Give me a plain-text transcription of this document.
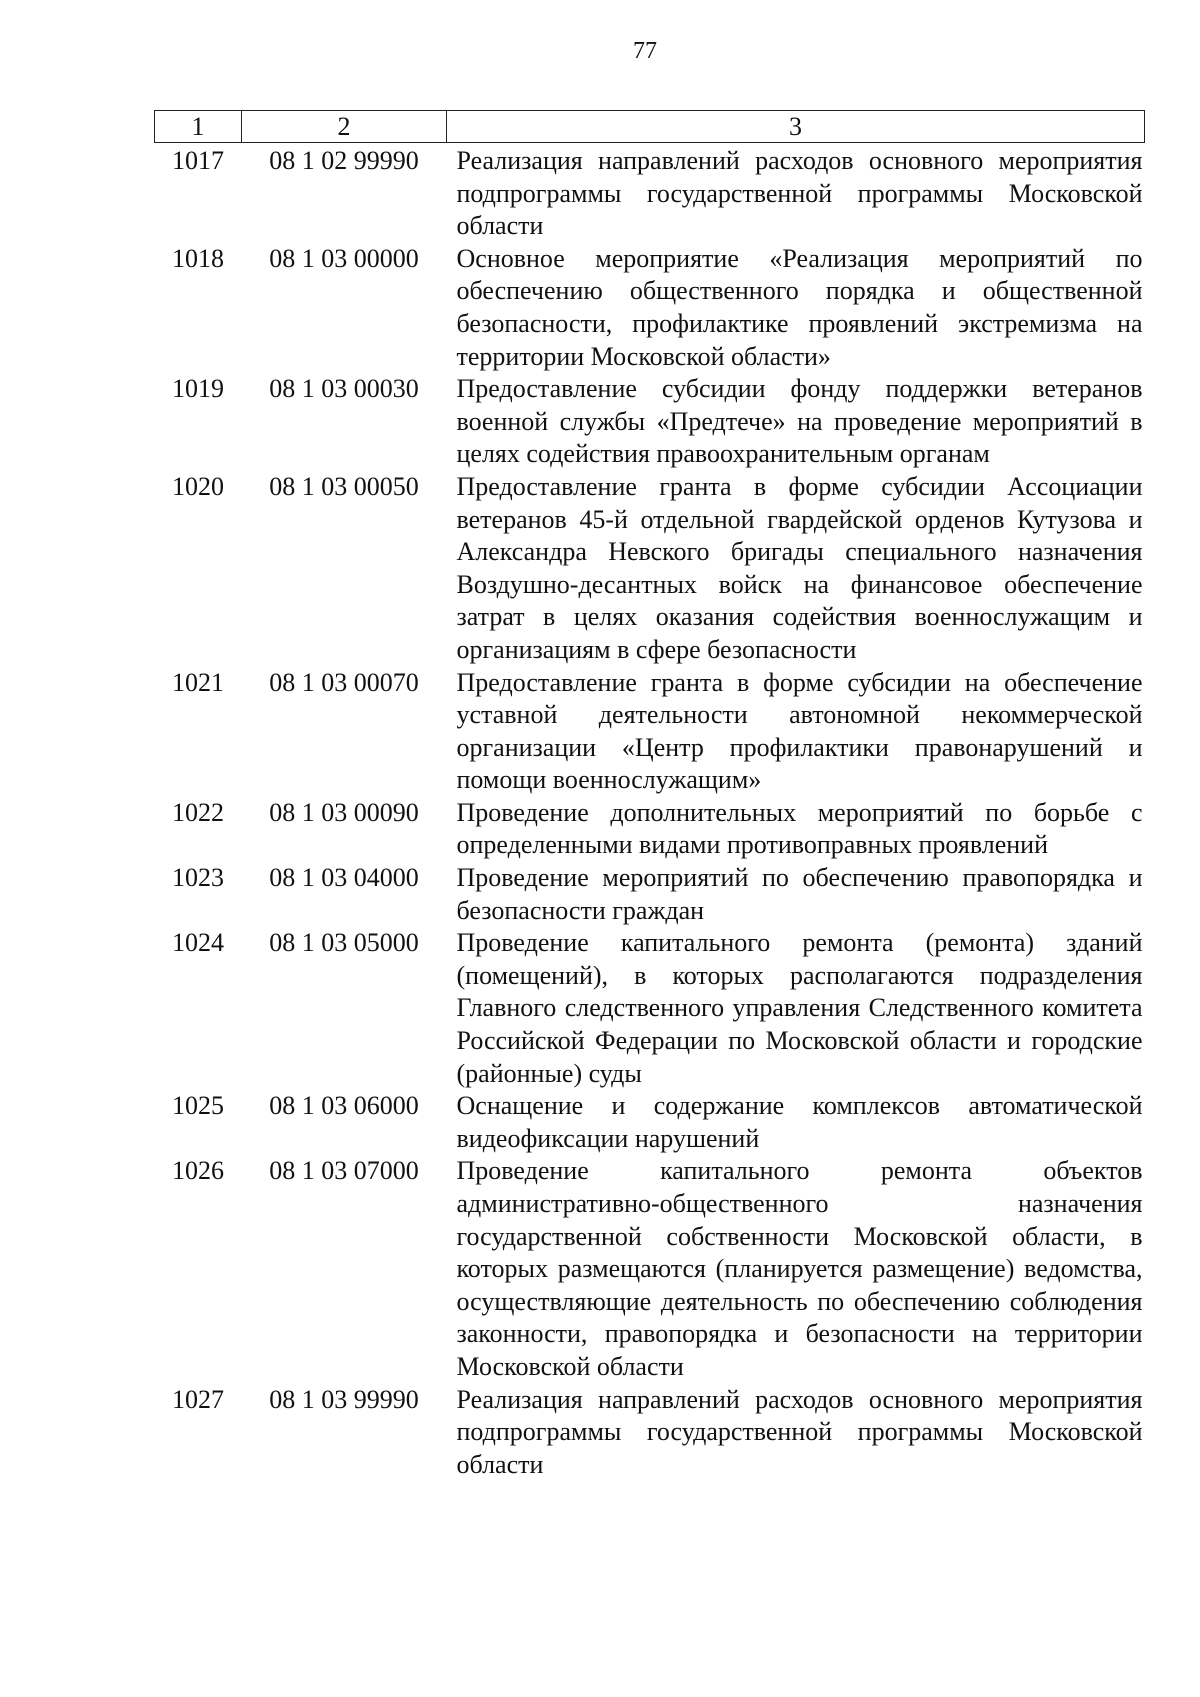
77
1	2	3
1017	08 1 02 99990	Реализация направлений расходов основного мероприятия подпрограммы государственной программы Московской области
1018	08 1 03 00000	Основное мероприятие «Реализация мероприятий по обеспечению общественного порядка и общественной безопасности, профилактике проявлений экстремизма на территории Московской области»
1019	08 1 03 00030	Предоставление субсидии фонду поддержки ветеранов военной службы «Предтече» на проведение мероприятий в целях содействия правоохранительным органам
1020	08 1 03 00050	Предоставление гранта в форме субсидии Ассоциации ветеранов 45-й отдельной гвардейской орденов Кутузова и Александра Невского бригады специального назначения Воздушно-десантных войск на финансовое обеспечение затрат в целях оказания содействия военнослужащим и организациям в сфере безопасности
1021	08 1 03 00070	Предоставление гранта в форме субсидии на обеспечение уставной деятельности автономной некоммерческой организации «Центр профилактики правонарушений и помощи военнослужащим»
1022	08 1 03 00090	Проведение дополнительных мероприятий по борьбе с определенными видами противоправных проявлений
1023	08 1 03 04000	Проведение мероприятий по обеспечению правопорядка и безопасности граждан
1024	08 1 03 05000	Проведение капитального ремонта (ремонта) зданий (помещений), в которых располагаются подразделения Главного следственного управления Следственного комитета Российской Федерации по Московской области и городские (районные) суды
1025	08 1 03 06000	Оснащение и содержание комплексов автоматической видеофиксации нарушений
1026	08 1 03 07000	Проведение капитального ремонта объектов административно-общественного назначения государственной собственности Московской области, в которых размещаются (планируется размещение) ведомства, осуществляющие деятельность по обеспечению соблюдения законности, правопорядка и безопасности на территории Московской области
1027	08 1 03 99990	Реализация направлений расходов основного мероприятия подпрограммы государственной программы Московской области
